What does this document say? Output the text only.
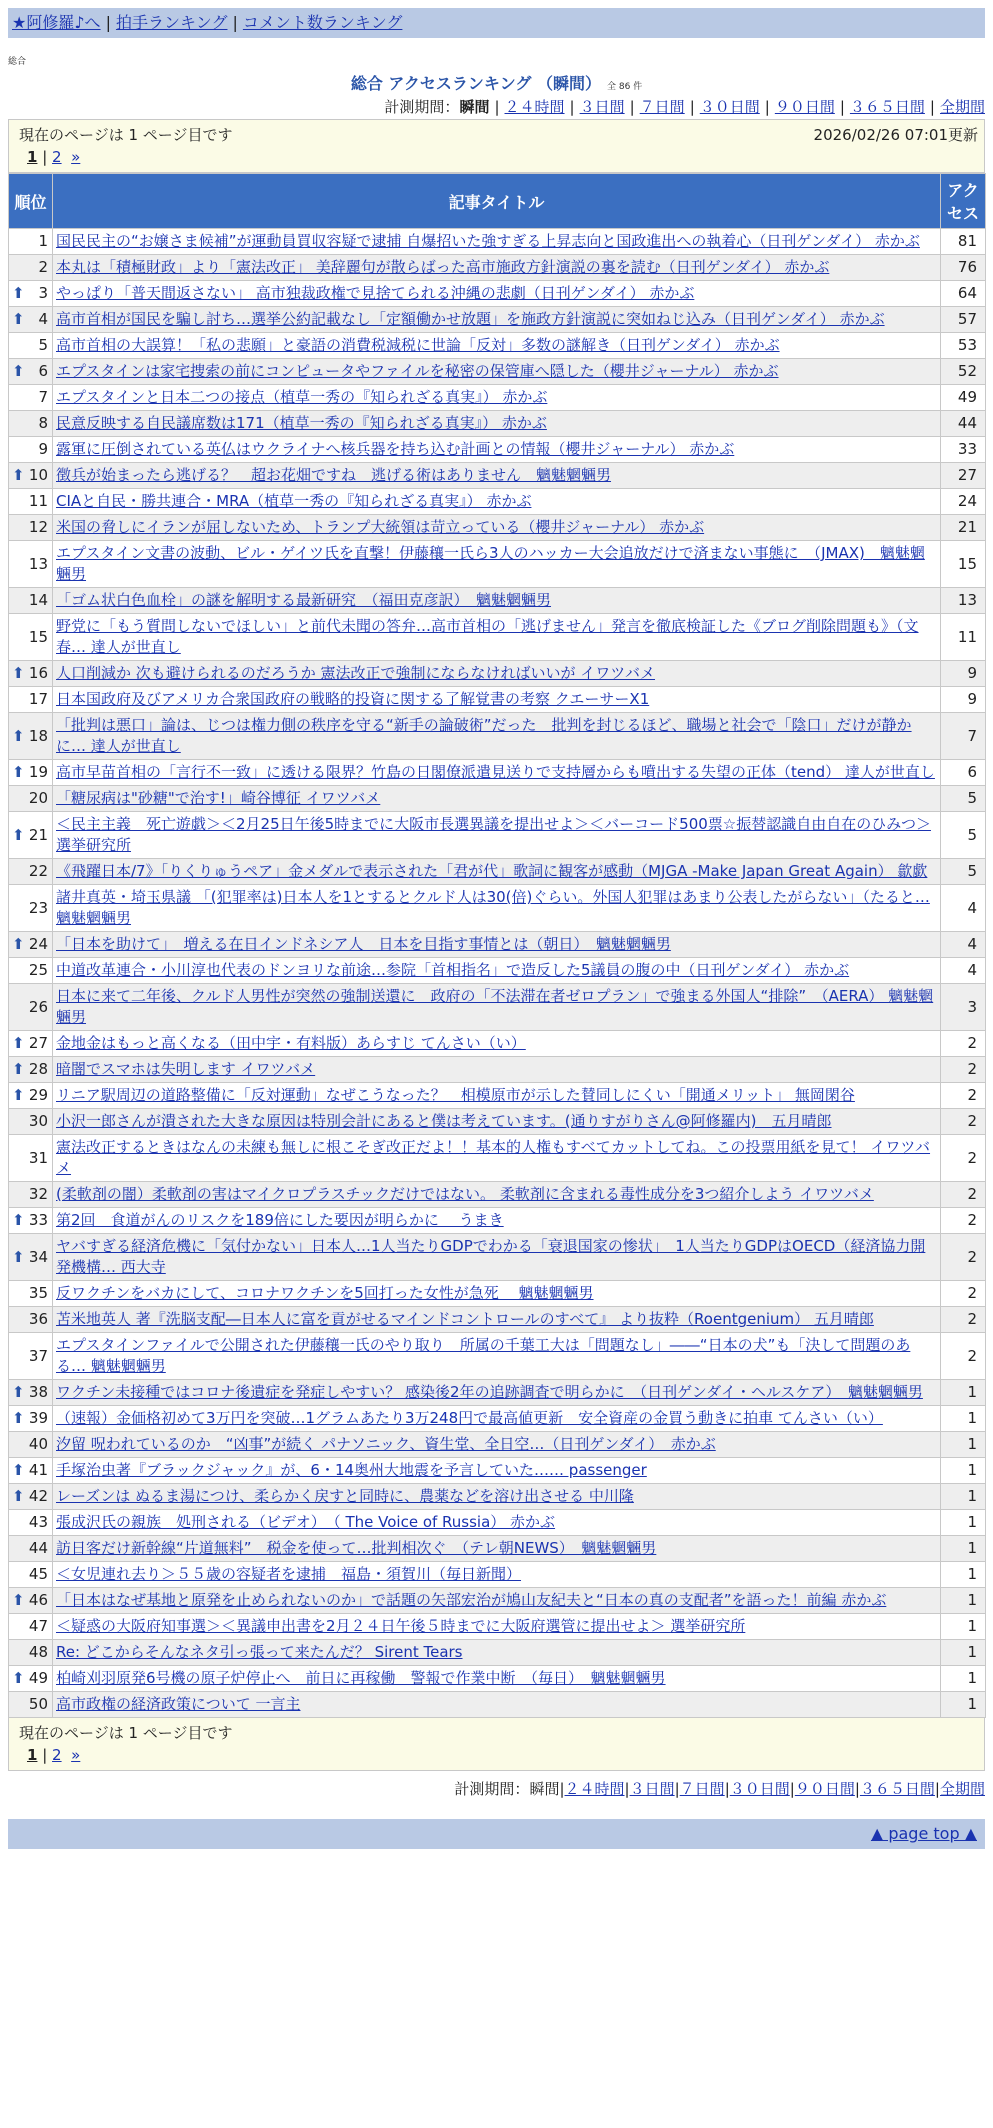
★阿修羅♪へ | 拍手ランキング | コメント数ランキング
総合
総合 アクセスランキング （瞬間） 全 86 件
計測期間：瞬間 | ２４時間 | ３日間 | ７日間 | ３０日間 | ９０日間 | ３６５日間 | 全期間
現在のページは 1 ページ目です	2026/02/26 07:01更新
1 | 2 »
順位	記事タイトル	アクセス
1	国民民主の“お嬢さま候補”が運動員買収容疑で逮捕 自爆招いた強すぎる上昇志向と国政進出への執着心（日刊ゲンダイ） 赤かぶ	81
2	本丸は「積極財政」より「憲法改正」 美辞麗句が散らばった高市施政方針演説の裏を読む（日刊ゲンダイ） 赤かぶ	76

⬆ 3	やっぱり「普天間返さない」 高市独裁政権で見捨てられる沖縄の悲劇（日刊ゲンダイ） 赤かぶ	64

⬆ 4	高市首相が国民を騙し討ち…選挙公約記載なし「定額働かせ放題」を施政方針演説に突如ねじ込み（日刊ゲンダイ） 赤かぶ	57
5	高市首相の大誤算！「私の悲願」と豪語の消費税減税に世論「反対」多数の謎解き（日刊ゲンダイ） 赤かぶ	53

⬆ 6	エプスタインは家宅捜索の前にコンピュータやファイルを秘密の保管庫へ隠した（櫻井ジャーナル） 赤かぶ	52
7	エプスタインと日本二つの接点（植草一秀の『知られざる真実』） 赤かぶ	49
8	民意反映する自民議席数は171（植草一秀の『知られざる真実』） 赤かぶ	44
9	露軍に圧倒されている英仏はウクライナへ核兵器を持ち込む計画との情報（櫻井ジャーナル） 赤かぶ	33

⬆ 10	徴兵が始まったら逃げる？　超お花畑ですね　逃げる術はありません　魑魅魍魎男	27
11	CIAと自民・勝共連合・MRA（植草一秀の『知られざる真実』） 赤かぶ	24
12	米国の脅しにイランが屈しないため、トランプ大統領は苛立っている（櫻井ジャーナル） 赤かぶ	21
13	エプスタイン文書の波動、ビル・ゲイツ氏を直撃！伊藤穰一氏ら3人のハッカー大会追放だけで済まない事態に　（JMAX)　魑魅魍魎男	15
14	「ゴム状白色血栓」の謎を解明する最新研究　（福田克彦訳）　魑魅魍魎男	13
15	野党に「もう質問しないでほしい」と前代未聞の答弁…高市首相の「逃げません」発言を徹底検証した《ブログ削除問題も》（文春… 達人が世直し	11

⬆ 16	人口削減か 次も避けられるのだろうか 憲法改正で強制にならなければいいが イワツバメ	9
17	日本国政府及びアメリカ合衆国政府の戦略的投資に関する了解覚書の考察 クエーサーX1	9

⬆ 18	「批判は悪口」論は、じつは権力側の秩序を守る“新手の論破術”だった　批判を封じるほど、職場と社会で「陰口」だけが静かに… 達人が世直し	7

⬆ 19	高市早苗首相の「言行不一致」に透ける限界？竹島の日閣僚派遣見送りで支持層からも噴出する失望の正体（tend） 達人が世直し	6
20	「糖尿病は"砂糖"で治す!」崎谷博征 イワツバメ	5

⬆ 21	＜民主主義　死亡遊戯＞＜2月25日午後5時までに大阪市長選異議を提出せよ＞＜バーコード500票☆振替認識自由自在のひみつ＞ 選挙研究所	5
22	《飛躍日本/7》「りくりゅうペア」金メダルで表示された「君が代」歌詞に観客が感動（MJGA -Make Japan Great Again） 歙歔	5
23	諸井真英・埼玉県議 「(犯罪率は)日本人を1とするとクルド人は30(倍)ぐらい。外国人犯罪はあまり公表したがらない」（たると… 魑魅魍魎男	4

⬆ 24	「日本を助けて」　増える在日インドネシア人　日本を目指す事情とは（朝日）　魑魅魍魎男	4
25	中道改革連合・小川淳也代表のドンヨリな前途…参院「首相指名」で造反した5議員の腹の中（日刊ゲンダイ） 赤かぶ	4
26	日本に来て二年後、クルド人男性が突然の強制送還に　政府の「不法滞在者ゼロプラン」で強まる外国人“排除”　（AERA） 魑魅魍魎男	3

⬆ 27	金地金はもっと高くなる（田中宇・有料版）あらすじ てんさい（い）	2

⬆ 28	暗闇でスマホは失明します イワツバメ	2

⬆ 29	リニア駅周辺の道路整備に「反対運動」なぜこうなった？　相模原市が示した賛同しにくい「開通メリット」 無岡閑谷	2
30	小沢一郎さんが潰された大きな原因は特別会計にあると僕は考えています。(通りすがりさん@阿修羅内)　五月晴郎	2
31	憲法改正するときはなんの未練も無しに根こそぎ改正だよ！！基本的人権もすべてカットしてね。この投票用紙を見て！ イワツバメ	2
32	(柔軟剤の闇）柔軟剤の害はマイクロプラスチックだけではない。 柔軟剤に含まれる毒性成分を3つ紹介しよう イワツバメ	2

⬆ 33	第2回　食道がんのリスクを189倍にした要因が明らかに　 うまき	2

⬆ 34	ヤバすぎる経済危機に「気付かない」日本人…1人当たりGDPでわかる「衰退国家の惨状」　1人当たりGDPはOECD（経済協力開発機構… 西大寺	2
35	反ワクチンをバカにして、コロナワクチンを5回打った女性が急死　 魑魅魍魎男	2
36	苫米地英人 著『洗脳支配―日本人に富を貢がせるマインドコントロールのすべて』 より抜粋（Roentgenium） 五月晴郎	2
37	エプスタインファイルで公開された伊藤穰一氏のやり取り　所属の千葉工大は「問題なし」――“日本の犬”も「決して問題のある… 魑魅魍魎男	2

⬆ 38	ワクチン未接種ではコロナ後遺症を発症しやすい？ 感染後2年の追跡調査で明らかに　（日刊ゲンダイ・ヘルスケア）　魑魅魍魎男	1

⬆ 39	（速報）金価格初めて3万円を突破…1グラムあたり3万248円で最高値更新　安全資産の金買う動きに拍車 てんさい（い）	1
40	汐留 呪われているのか　“凶事”が続く パナソニック、資生堂、全日空…（日刊ゲンダイ）　赤かぶ	1

⬆ 41	手塚治虫著『ブラックジャック』が、6・14奥州大地震を予言していた…… passenger	1

⬆ 42	レーズンは ぬるま湯につけ、柔らかく戻すと同時に、農薬などを溶け出させる 中川隆	1
43	張成沢氏の親族　処刑される（ビデオ）　（ The Voice of Russia） 赤かぶ	1
44	訪日客だけ新幹線“片道無料”　税金を使って…批判相次ぐ　（テレ朝NEWS）　魑魅魍魎男	1
45	＜女児連れ去り＞５５歳の容疑者を逮捕　福島・須賀川（毎日新聞）	1

⬆ 46	「日本はなぜ基地と原発を止められないのか」で話題の矢部宏治が鳩山友紀夫と“日本の真の支配者”を語った！前編 赤かぶ	1
47	＜疑惑の大阪府知事選＞＜異議申出書を2月２４日午後５時までに大阪府選管に提出せよ＞ 選挙研究所	1
48	Re: どこからそんなネタ引っ張って来たんだ？ Sirent Tears	1

⬆ 49	柏崎刈羽原発6号機の原子炉停止へ　前日に再稼働　警報で作業中断　（毎日）　魑魅魍魎男	1
50	高市政権の経済政策について 一言主	1
現在のページは 1 ページ目です
1 | 2 »
計測期間：瞬間|２４時間|３日間|７日間|３０日間|９０日間|３６５日間|全期間
▲ page top ▲
